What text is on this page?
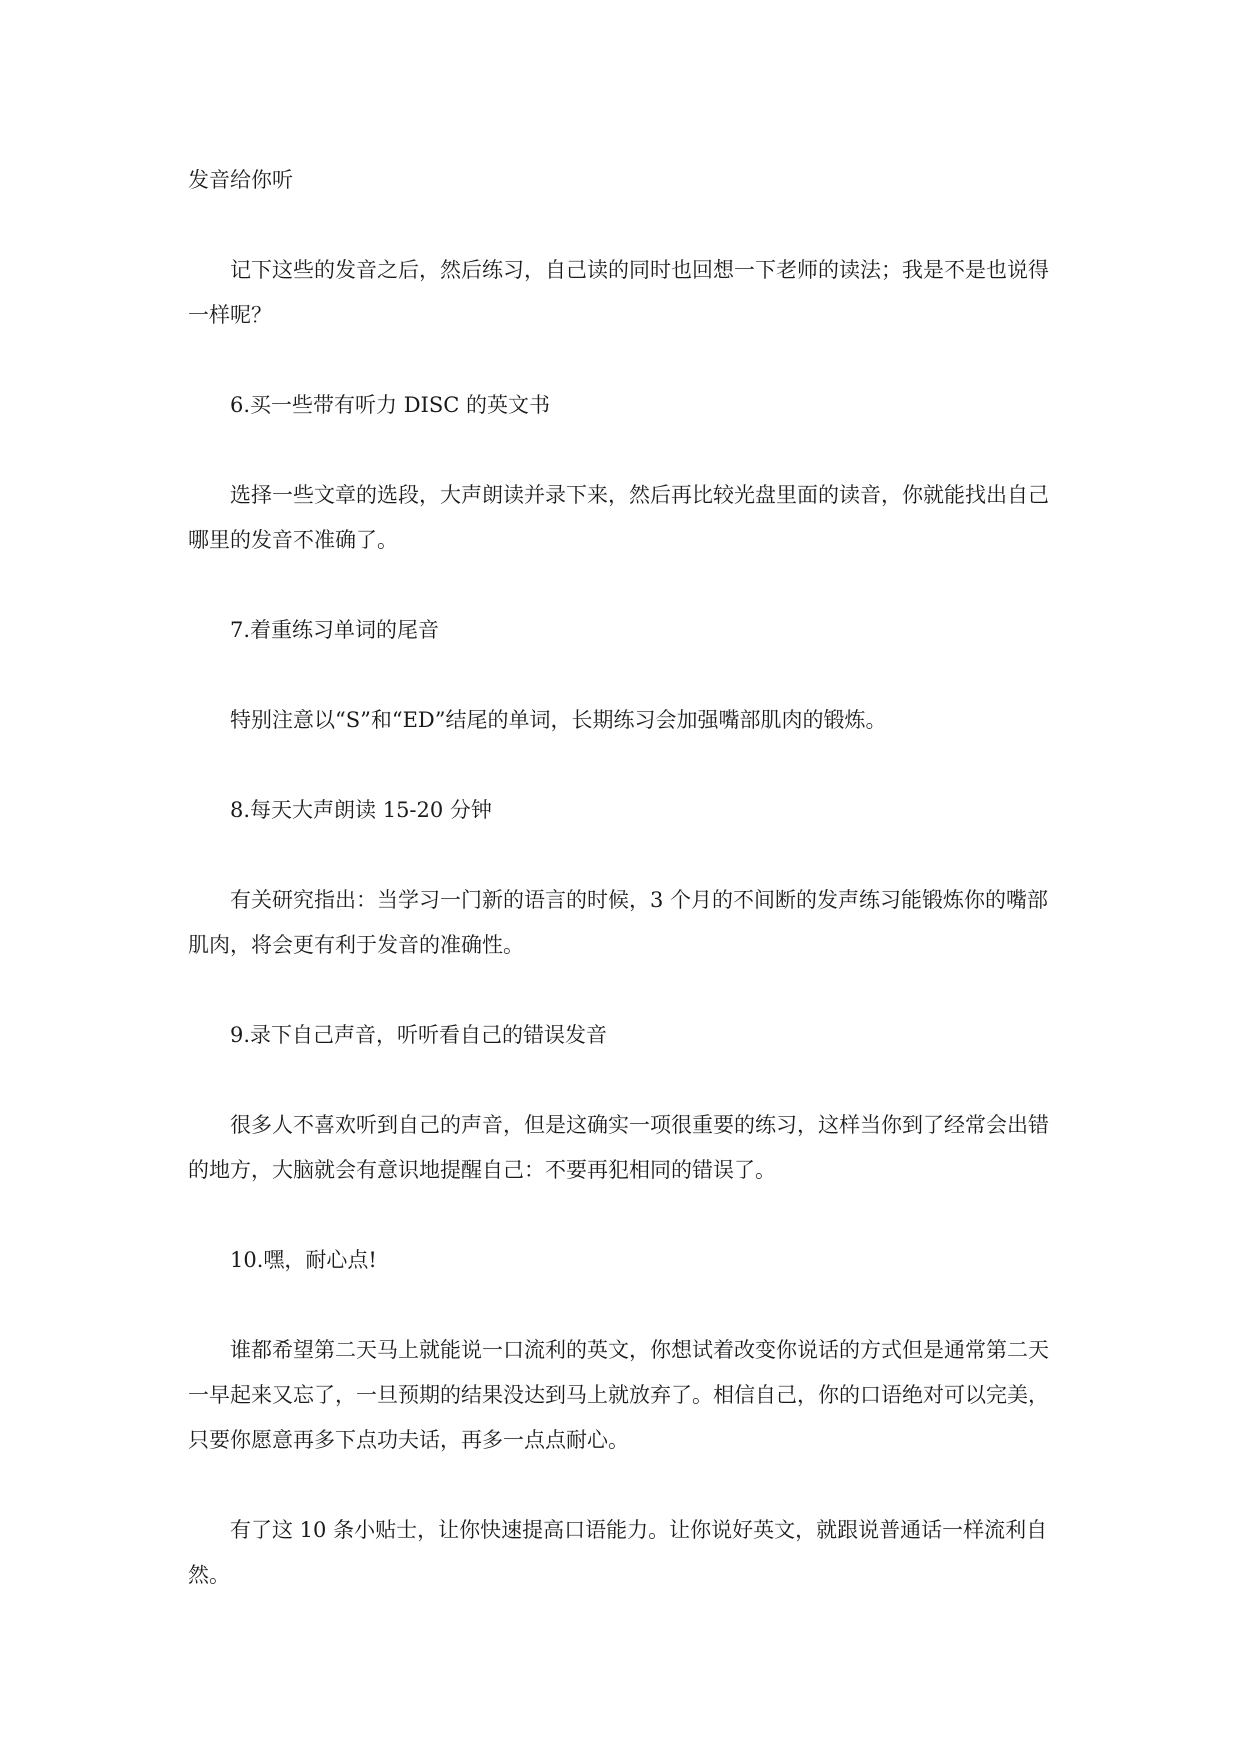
发音给你听

记下这些的发音之后，然后练习，自己读的同时也回想一下老师的读法；我是不是也说得一样呢？

6.买一些带有听力 DISC 的英文书

选择一些文章的选段，大声朗读并录下来，然后再比较光盘里面的读音，你就能找出自己哪里的发音不准确了。

7.着重练习单词的尾音

特别注意以“S”和“ED”结尾的单词，长期练习会加强嘴部肌肉的锻炼。

8.每天大声朗读 15-20 分钟

有关研究指出：当学习一门新的语言的时候，3 个月的不间断的发声练习能锻炼你的嘴部肌肉，将会更有利于发音的准确性。

9.录下自己声音，听听看自己的错误发音

很多人不喜欢听到自己的声音，但是这确实一项很重要的练习，这样当你到了经常会出错的地方，大脑就会有意识地提醒自己：不要再犯相同的错误了。

10.嘿，耐心点!

谁都希望第二天马上就能说一口流利的英文，你想试着改变你说话的方式但是通常第二天一早起来又忘了，一旦预期的结果没达到马上就放弃了。相信自己，你的口语绝对可以完美，只要你愿意再多下点功夫话，再多一点点耐心。

有了这 10 条小贴士，让你快速提高口语能力。让你说好英文，就跟说普通话一样流利自然。
